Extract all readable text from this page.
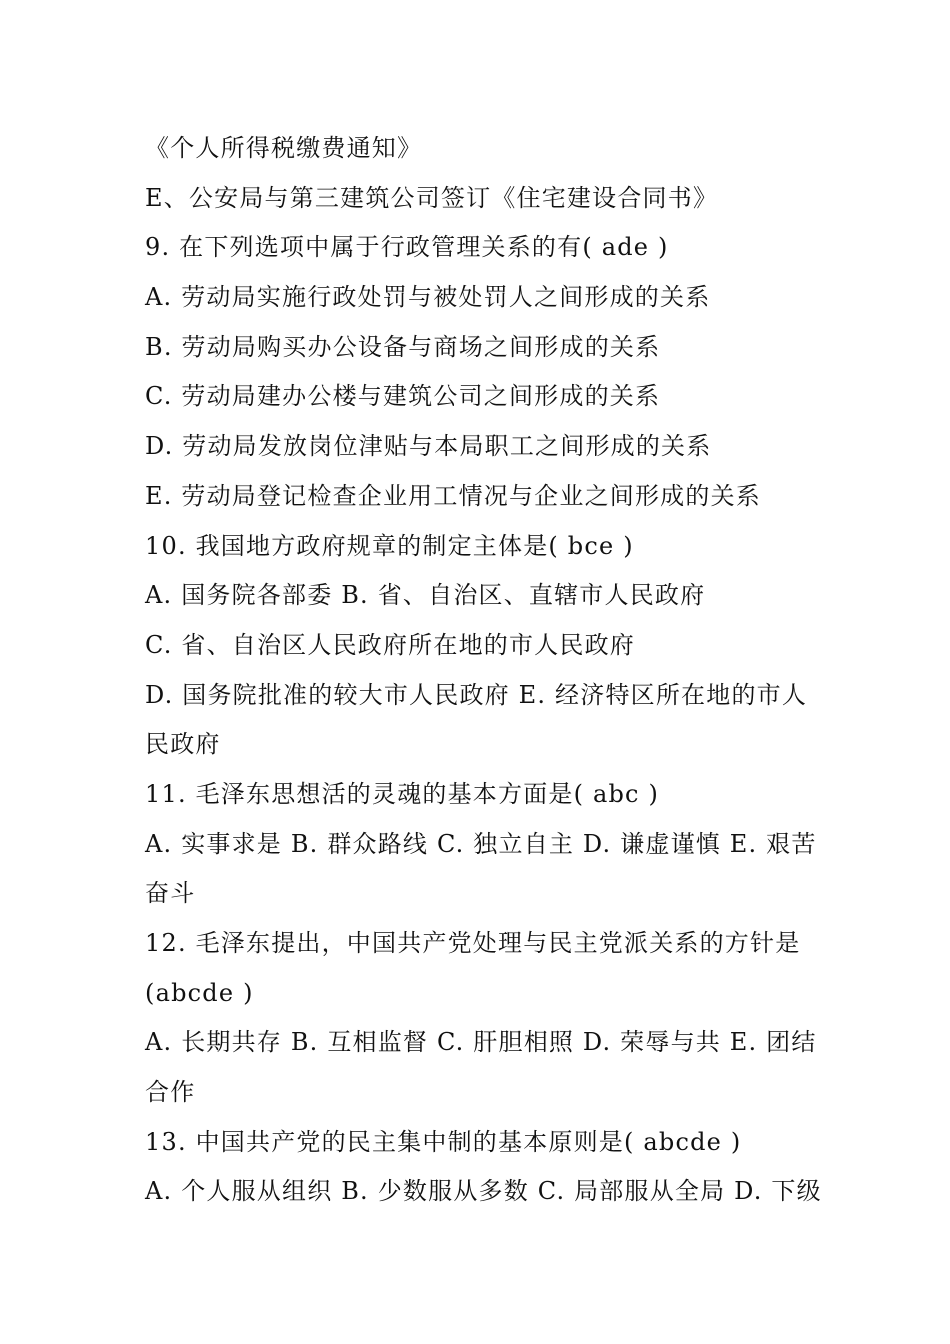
《个人所得税缴费通知》
E、公安局与第三建筑公司签订《住宅建设合同书》
9. 在下列选项中属于行政管理关系的有( ade )
A. 劳动局实施行政处罚与被处罚人之间形成的关系
B. 劳动局购买办公设备与商场之间形成的关系
C. 劳动局建办公楼与建筑公司之间形成的关系
D. 劳动局发放岗位津贴与本局职工之间形成的关系
E. 劳动局登记检查企业用工情况与企业之间形成的关系
10. 我国地方政府规章的制定主体是( bce )
A. 国务院各部委 B. 省、自治区、直辖市人民政府
C. 省、自治区人民政府所在地的市人民政府
D. 国务院批准的较大市人民政府 E. 经济特区所在地的市人
民政府
11. 毛泽东思想活的灵魂的基本方面是( abc )
A. 实事求是 B. 群众路线 C. 独立自主 D. 谦虚谨慎 E. 艰苦
奋斗
12. 毛泽东提出，中国共产党处理与民主党派关系的方针是
(abcde )
A. 长期共存 B. 互相监督 C. 肝胆相照 D. 荣辱与共 E. 团结
合作
13. 中国共产党的民主集中制的基本原则是( abcde )
A. 个人服从组织 B. 少数服从多数 C. 局部服从全局 D. 下级
